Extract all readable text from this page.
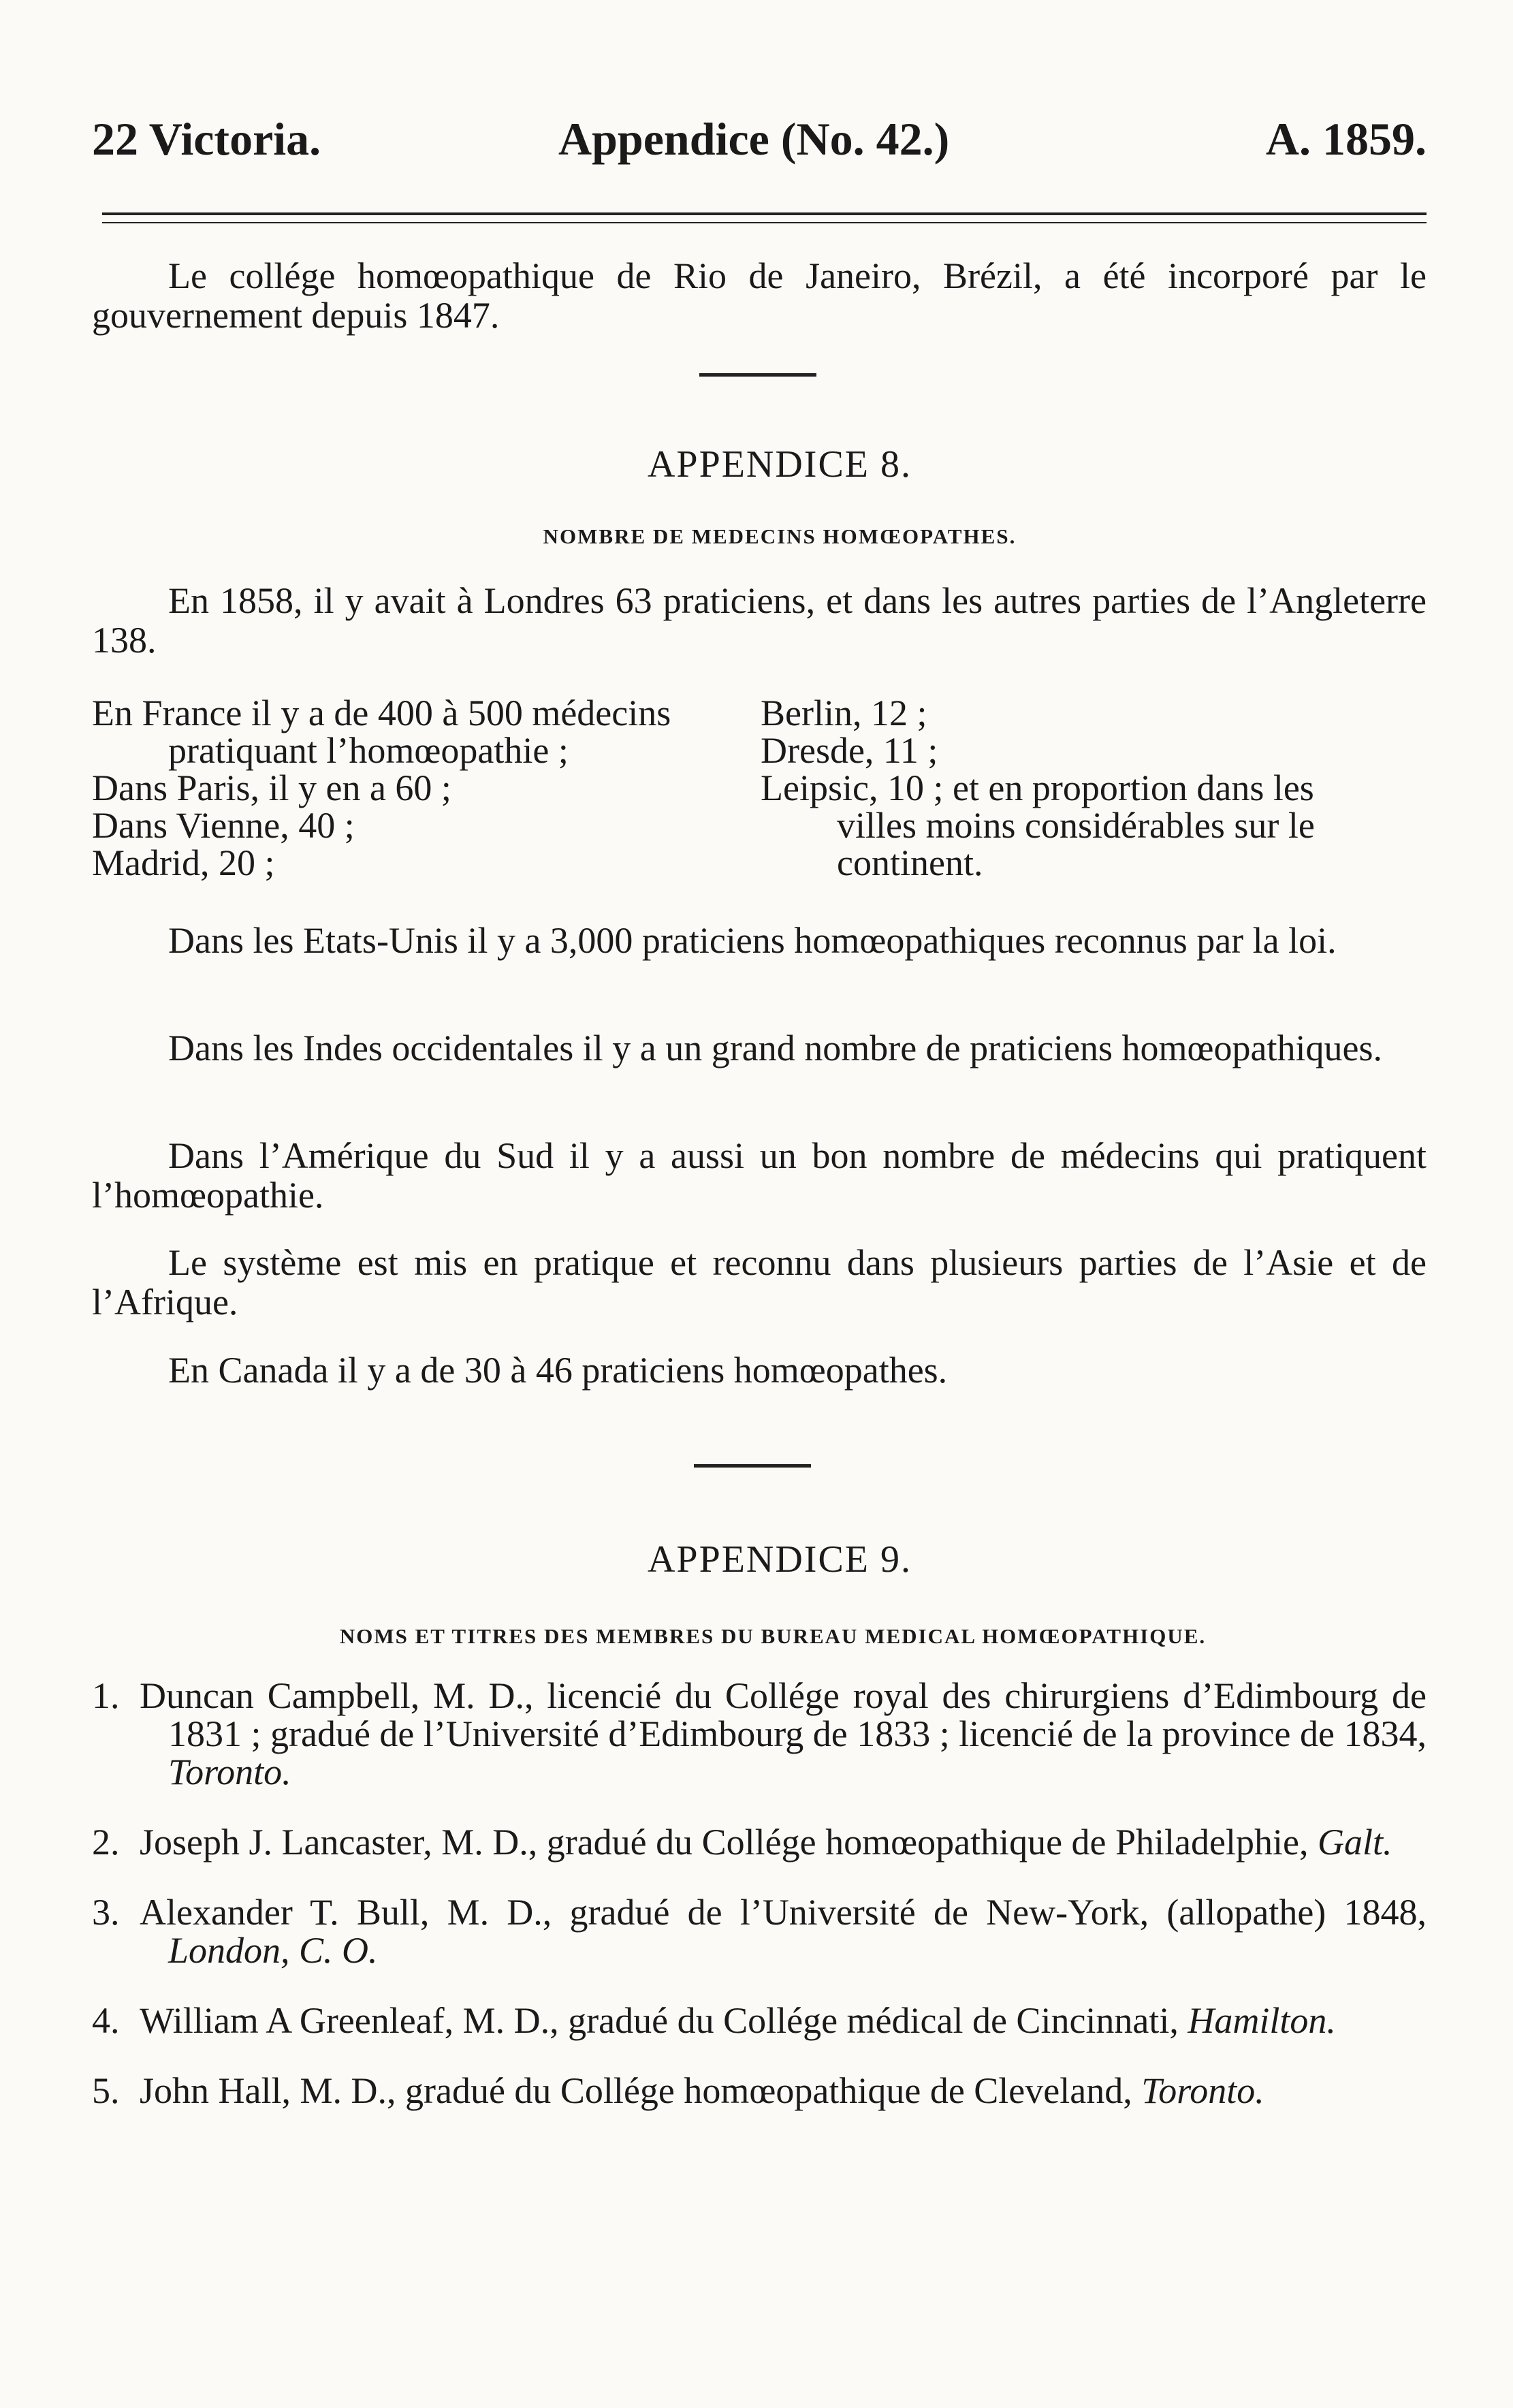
22 Victoria.	Appendice (No. 42.)	A. 1859.

Le collége homœopathique de Rio de Janeiro, Brézil, a été incorporé par le gouvernement depuis 1847.

APPENDICE 8.
NOMBRE DE MEDECINS HOMŒOPATHES.

En 1858, il y avait à Londres 63 praticiens, et dans les autres parties de l’Angleterre 138.

En France il y a de 400 à 500 médecins
pratiquant l’homœopathie ;
Dans Paris, il y en a 60 ;
Dans Vienne, 40 ;
Madrid, 20 ;
Berlin, 12 ;
Dresde, 11 ;
Leipsic, 10 ; et en proportion dans les
villes moins considérables sur le
continent.

Dans les Etats-Unis il y a 3,000 praticiens homœopathiques reconnus par la loi.

Dans les Indes occidentales il y a un grand nombre de praticiens homœopathiques.

Dans l’Amérique du Sud il y a aussi un bon nombre de médecins qui pratiquent l’homœopathie.

Le système est mis en pratique et reconnu dans plusieurs parties de l’Asie et de l’Afrique.

En Canada il y a de 30 à 46 praticiens homœopathes.

APPENDICE 9.
NOMS ET TITRES DES MEMBRES DU BUREAU MEDICAL HOMŒOPATHIQUE.
1. Duncan Campbell, M. D., licencié du Collége royal des chirurgiens d’Edimbourg de 1831 ; gradué de l’Université d’Edimbourg de 1833 ; licencié de la province de 1834, Toronto.
2. Joseph J. Lancaster, M. D., gradué du Collége homœopathique de Philadelphie, Galt.
3. Alexander T. Bull, M. D., gradué de l’Université de New-York, (allopathe) 1848, London, C. O.
4. William A Greenleaf, M. D., gradué du Collége médical de Cincinnati, Hamilton.
5. John Hall, M. D., gradué du Collége homœopathique de Cleveland, Toronto.
